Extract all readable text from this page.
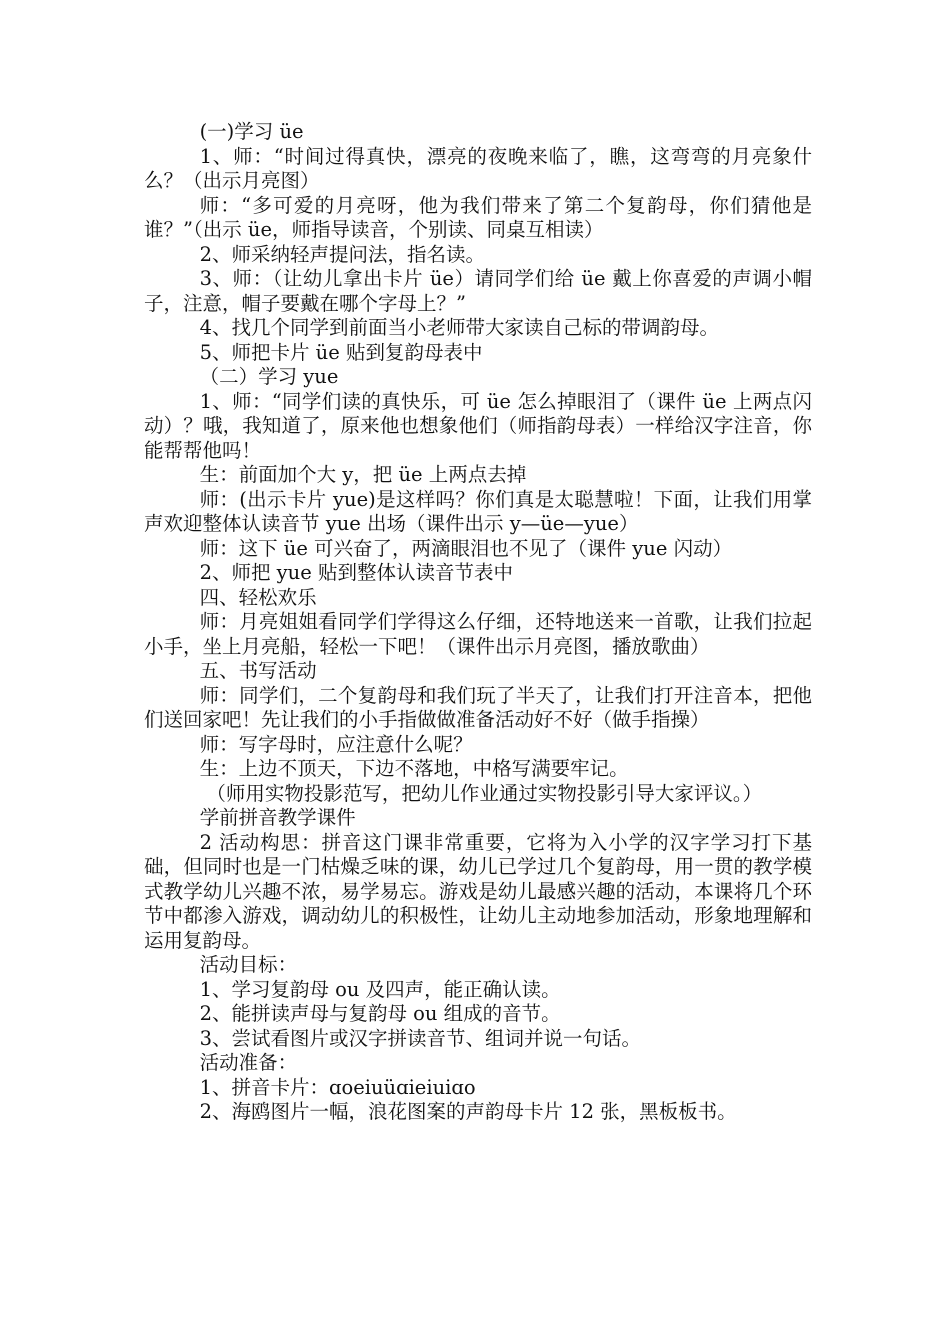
(一)学习 üe

1、师：“时间过得真快，漂亮的夜晚来临了，瞧，这弯弯的月亮象什么？（出示月亮图）

师：“多可爱的月亮呀，他为我们带来了第二个复韵母，你们猜他是谁？”（出示 üe，师指导读音，个别读、同桌互相读）

2、师采纳轻声提问法，指名读。

3、师：（让幼儿拿出卡片 üe）请同学们给 üe 戴上你喜爱的声调小帽子，注意，帽子要戴在哪个字母上？”

4、找几个同学到前面当小老师带大家读自己标的带调韵母。

5、师把卡片 üe 贴到复韵母表中

（二）学习 yue

1、师：“同学们读的真快乐，可 üe 怎么掉眼泪了（课件 üe 上两点闪动）？哦，我知道了，原来他也想象他们（师指韵母表）一样给汉字注音，你能帮帮他吗！

生：前面加个大 y，把 üe 上两点去掉

师：(出示卡片 yue)是这样吗？你们真是太聪慧啦！下面，让我们用掌声欢迎整体认读音节 yue 出场（课件出示 y—üe—yue）

师：这下 üe 可兴奋了，两滴眼泪也不见了（课件 yue 闪动）

2、师把 yue 贴到整体认读音节表中

四、轻松欢乐

师：月亮姐姐看同学们学得这么仔细，还特地送来一首歌，让我们拉起小手，坐上月亮船，轻松一下吧！（课件出示月亮图，播放歌曲）

五、书写活动

师：同学们，二个复韵母和我们玩了半天了，让我们打开注音本，把他们送回家吧！先让我们的小手指做做准备活动好不好（做手指操）

师：写字母时，应注意什么呢？

生：上边不顶天，下边不落地，中格写满要牢记。

（师用实物投影范写，把幼儿作业通过实物投影引导大家评议。）

学前拼音教学课件

2 活动构思：拼音这门课非常重要，它将为入小学的汉字学习打下基础，但同时也是一门枯燥乏味的课，幼儿已学过几个复韵母，用一贯的教学模式教学幼儿兴趣不浓，易学易忘。游戏是幼儿最感兴趣的活动，本课将几个环节中都渗入游戏，调动幼儿的积极性，让幼儿主动地参加活动，形象地理解和运用复韵母。

活动目标：

1、学习复韵母 ou 及四声，能正确认读。

2、能拼读声母与复韵母 ou 组成的音节。

3、尝试看图片或汉字拼读音节、组词并说一句话。

活动准备：

1、拼音卡片：ɑoeiuüɑieiuiɑo

2、海鸥图片一幅，浪花图案的声韵母卡片 12 张，黑板板书。
